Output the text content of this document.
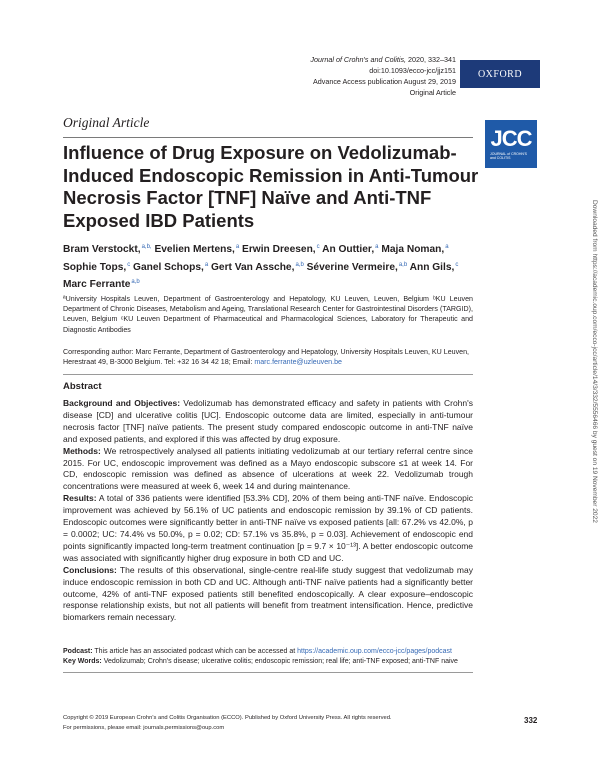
Journal of Crohn's and Colitis, 2020, 332–341
doi:10.1093/ecco-jcc/jjz151
Advance Access publication August 29, 2019
Original Article
OXFORD
Original Article
JCC
JOURNAL of CROHN'S and COLITIS
Influence of Drug Exposure on Vedolizumab-Induced Endoscopic Remission in Anti-Tumour Necrosis Factor [TNF] Naïve and Anti-TNF Exposed IBD Patients
Bram Verstockt,$^{a,b,}$ Evelien Mertens,$^a$ Erwin Dreesen,$^c$ An Outtier,$^a$ Maja Noman,$^a$ Sophie Tops,$^c$ Ganel Schops,$^a$ Gert Van Assche,$^{a,b}$ Séverine Vermeire,$^{a,b}$ Ann Gils,$^c$ Marc Ferrante$^{a,b}$
ªUniversity Hospitals Leuven, Department of Gastroenterology and Hepatology, KU Leuven, Leuven, Belgium ᵇKU Leuven Department of Chronic Diseases, Metabolism and Ageing, Translational Research Center for Gastrointestinal Disorders (TARGID), Leuven, Belgium ᶜKU Leuven Department of Pharmaceutical and Pharmacological Sciences, Laboratory for Therapeutic and Diagnostic Antibodies
Corresponding author: Marc Ferrante, Department of Gastroenterology and Hepatology, University Hospitals Leuven, KU Leuven, Herestraat 49, B-3000 Belgium. Tel: +32 16 34 42 18; Email: marc.ferrante@uzleuven.be
Abstract

Background and Objectives: Vedolizumab has demonstrated efficacy and safety in patients with Crohn's disease [CD] and ulcerative colitis [UC]. Endoscopic outcome data are limited, especially in anti-tumour necrosis factor [TNF] naïve patients. The present study compared endoscopic outcome in anti-TNF naïve and exposed patients, and explored if this was affected by drug exposure.

Methods: We retrospectively analysed all patients initiating vedolizumab at our tertiary referral centre since 2015. For UC, endoscopic improvement was defined as a Mayo endoscopic subscore ≤1 at week 14. For CD, endoscopic remission was defined as absence of ulcerations at week 22. Vedolizumab trough concentrations were measured at week 6, week 14 and during maintenance.

Results: A total of 336 patients were identified [53.3% CD], 20% of them being anti-TNF naïve. Endoscopic improvement was achieved by 56.1% of UC patients and endoscopic remission by 39.1% of CD patients. Endoscopic outcomes were significantly better in anti-TNF naïve vs exposed patients [all: 67.2% vs 42.0%, p = 0.0002; UC: 74.4% vs 50.0%, p = 0.02; CD: 57.1% vs 35.8%, p = 0.03]. Achievement of endoscopic end points significantly impacted long-term treatment continuation [p = 9.7 × 10⁻¹³]. A better endoscopic outcome was associated with significantly higher drug exposure in both CD and UC.

Conclusions: The results of this observational, single-centre real-life study suggest that vedolizumab may induce endoscopic remission in both CD and UC. Although anti-TNF naïve patients had a significantly better outcome, 42% of anti-TNF exposed patients still benefited endoscopically. A clear exposure–endoscopic response relationship exists, but not all patients will benefit from treatment intensification. Hence, predictive biomarkers remain necessary.

Podcast: This article has an associated podcast which can be accessed at https://academic.oup.com/ecco-jcc/pages/podcast
Key Words: Vedolizumab; Crohn's disease; ulcerative colitis; endoscopic remission; real life; anti-TNF exposed; anti-TNF naive
Copyright © 2019 European Crohn's and Colitis Organisation (ECCO). Published by Oxford University Press. All rights reserved.
For permissions, please email: journals.permissions@oup.com
332
Downloaded from https://academic.oup.com/ecco-jcc/article/14/3/332/5556466 by guest on 19 November 2022
